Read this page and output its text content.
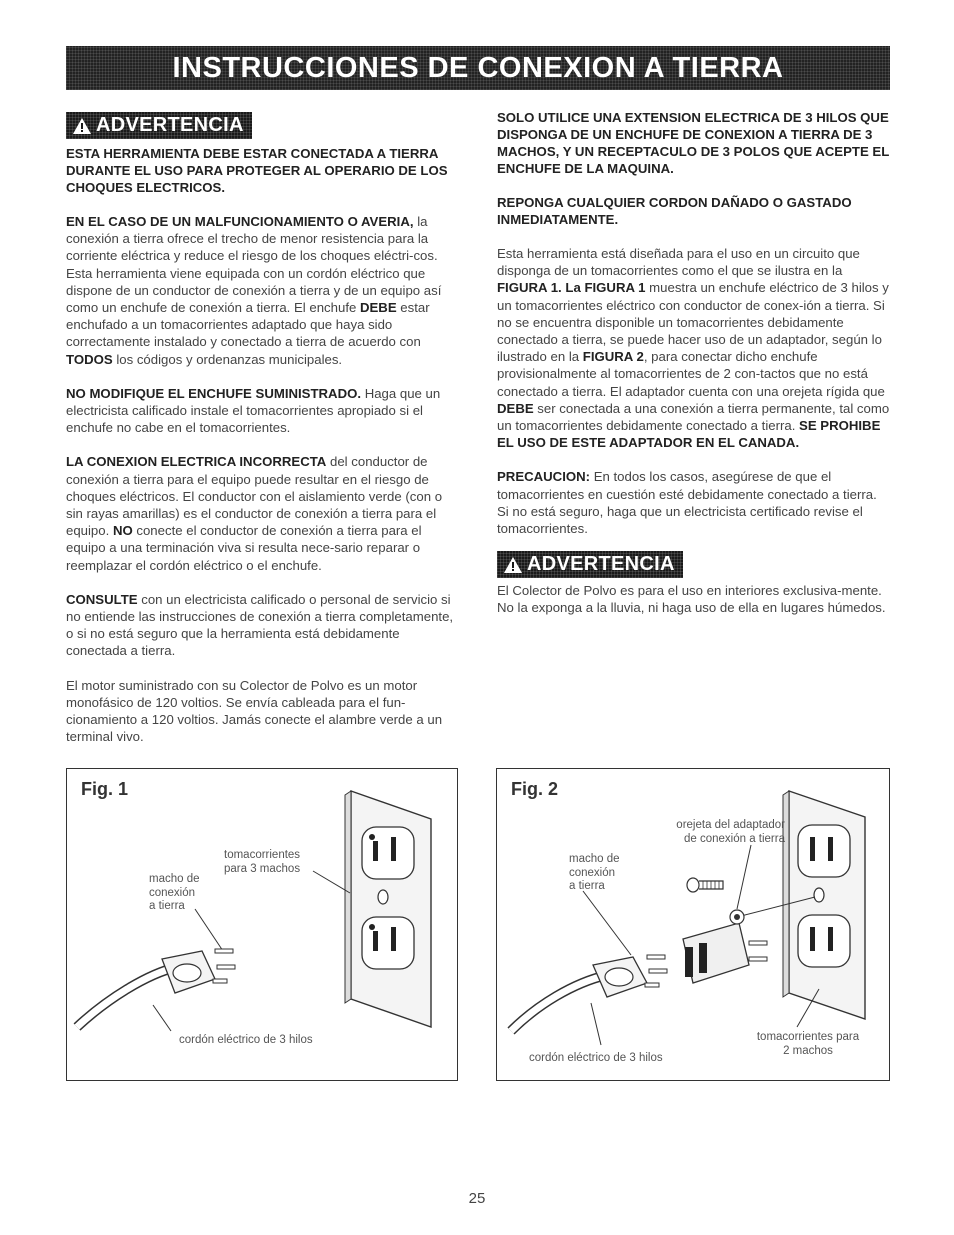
INSTRUCCIONES DE CONEXION A TIERRA
ADVERTENCIA

ESTA HERRAMIENTA DEBE ESTAR CONECTADA A TIERRA DURANTE EL USO PARA PROTEGER AL OPERARIO DE LOS CHOQUES ELECTRICOS.

EN EL CASO DE UN MALFUNCIONAMIENTO O AVERIA, la conexión a tierra ofrece el trecho de menor resistencia para la corriente eléctrica y reduce el riesgo de los choques eléctri-cos. Esta herramienta viene equipada con un cordón eléctrico que dispone de un conductor de conexión a tierra y de un equipo así como un enchufe de conexión a tierra. El enchufe DEBE estar enchufado a un tomacorrientes adaptado que haya sido correctamente instalado y conectado a tierra de acuerdo con TODOS los códigos y ordenanzas municipales.

NO MODIFIQUE EL ENCHUFE SUMINISTRADO. Haga que un electricista calificado instale el tomacorrientes apropiado si el enchufe no cabe en el tomacorrientes.

LA CONEXION ELECTRICA INCORRECTA del conductor de conexión a tierra para el equipo puede resultar en el riesgo de choques eléctricos. El conductor con el aislamiento verde (con o sin rayas amarillas) es el conductor de conexión a tierra para el equipo. NO conecte el conductor de conexión a tierra para el equipo a una terminación viva si resulta nece-sario reparar o reemplazar el cordón eléctrico o el enchufe.

CONSULTE con un electricista calificado o personal de servicio si no entiende las instrucciones de conexión a tierra completamente, o si no está seguro que la herramienta está debidamente conectada a tierra.

El motor suministrado con su Colector de Polvo es un motor monofásico de 120 voltios. Se envía cableada para el fun-cionamiento a 120 voltios. Jamás conecte el alambre verde a un terminal vivo.

SOLO UTILICE UNA EXTENSION ELECTRICA DE 3 HILOS QUE DISPONGA DE UN ENCHUFE DE CONEXION A TIERRA DE 3 MACHOS, Y UN RECEPTACULO DE 3 POLOS QUE ACEPTE EL ENCHUFE DE LA MAQUINA.

REPONGA CUALQUIER CORDON DAÑADO O GASTADO INMEDIATAMENTE.

Esta herramienta está diseñada para el uso en un circuito que disponga de un tomacorrientes como el que se ilustra en la FIGURA 1. La FIGURA 1 muestra un enchufe eléctrico de 3 hilos y un tomacorrientes eléctrico con conductor de conex-ión a tierra. Si no se encuentra disponible un tomacorrientes debidamente conectado a tierra, se puede hacer uso de un adaptador, según lo ilustrado en la FIGURA 2, para conectar dicho enchufe provisionalmente al tomacorrientes de 2 con-tactos que no está conectado a tierra. El adaptador cuenta con una orejeta rígida que DEBE ser conectada a una conexión a tierra permanente, tal como un tomacorrientes debidamente conectado a tierra. SE PROHIBE EL USO DE ESTE ADAPTADOR EN EL CANADA.

PRECAUCION: En todos los casos, asegúrese de que el tomacorrientes en cuestión esté debidamente conectado a tierra. Si no está seguro, haga que un electricista certificado revise el tomacorrientes.

ADVERTENCIA

El Colector de Polvo es para el uso en interiores exclusiva-mente. No la exponga a la lluvia, ni haga uso de ella en lugares húmedos.

Fig. 1
tomacorrientes
para 3 machos
macho de
conexión
a tierra
cordón eléctrico de 3 hilos
Fig. 2
orejeta del adaptador
de conexión a tierra
macho de
conexión
a tierra
tomacorrientes para
2 machos
cordón eléctrico de 3 hilos
25
